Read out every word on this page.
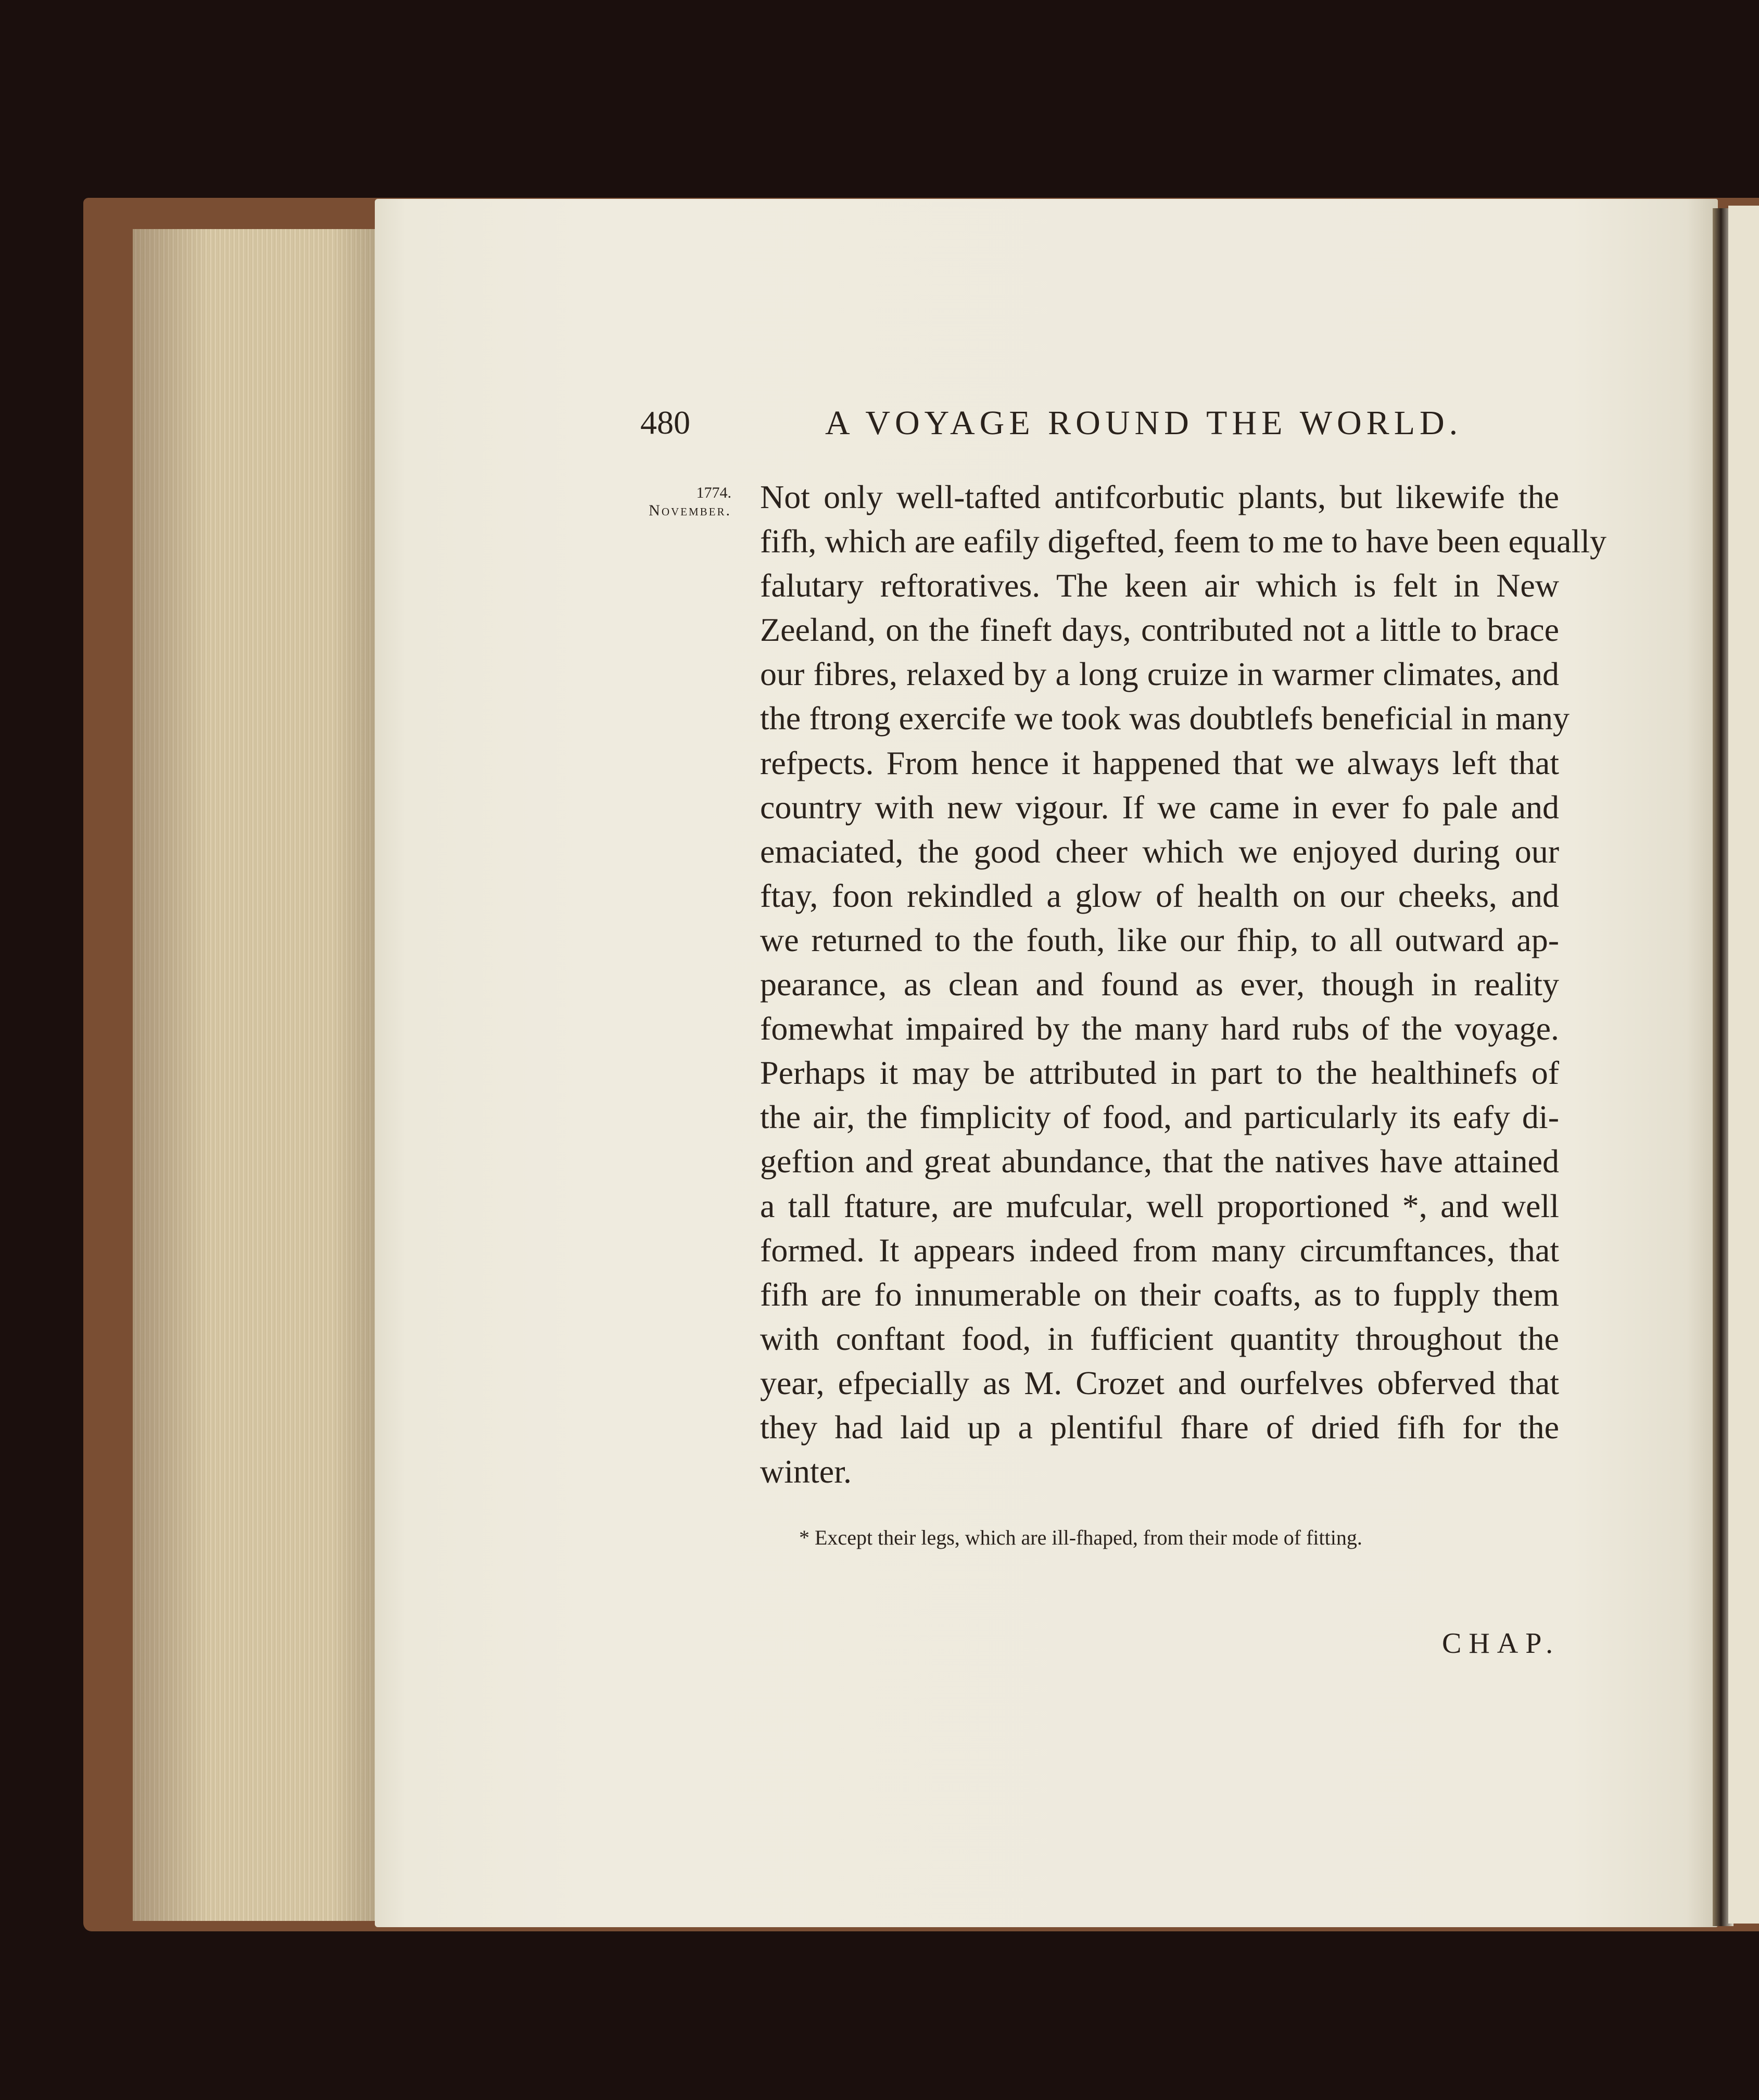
480	A VOYAGE ROUND THE WORLD.
1774.
November. Not only well-tafted antifcorbutic plants, but likewife the
fifh, which are eafily digefted, feem to me to have been equally
falutary reftoratives. The keen air which is felt in New
Zeeland, on the fineft days, contributed not a little to brace
our fibres, relaxed by a long cruize in warmer climates, and
the ftrong exercife we took was doubtlefs beneficial in many
refpects. From hence it happened that we always left that
country with new vigour. If we came in ever fo pale and
emaciated, the good cheer which we enjoyed during our
ftay, foon rekindled a glow of health on our cheeks, and
we returned to the fouth, like our fhip, to all outward ap-
pearance, as clean and found as ever, though in reality
fomewhat impaired by the many hard rubs of the voyage.
Perhaps it may be attributed in part to the healthinefs of
the air, the fimplicity of food, and particularly its eafy di-
geftion and great abundance, that the natives have attained
a tall ftature, are mufcular, well proportioned *, and well
formed. It appears indeed from many circumftances, that
fifh are fo innumerable on their coafts, as to fupply them
with conftant food, in fufficient quantity throughout the
year, efpecially as M. Crozet and ourfelves obferved that
they had laid up a plentiful fhare of dried fifh for the
winter.
* Except their legs, which are ill-fhaped, from their mode of fitting.
CHAP.
